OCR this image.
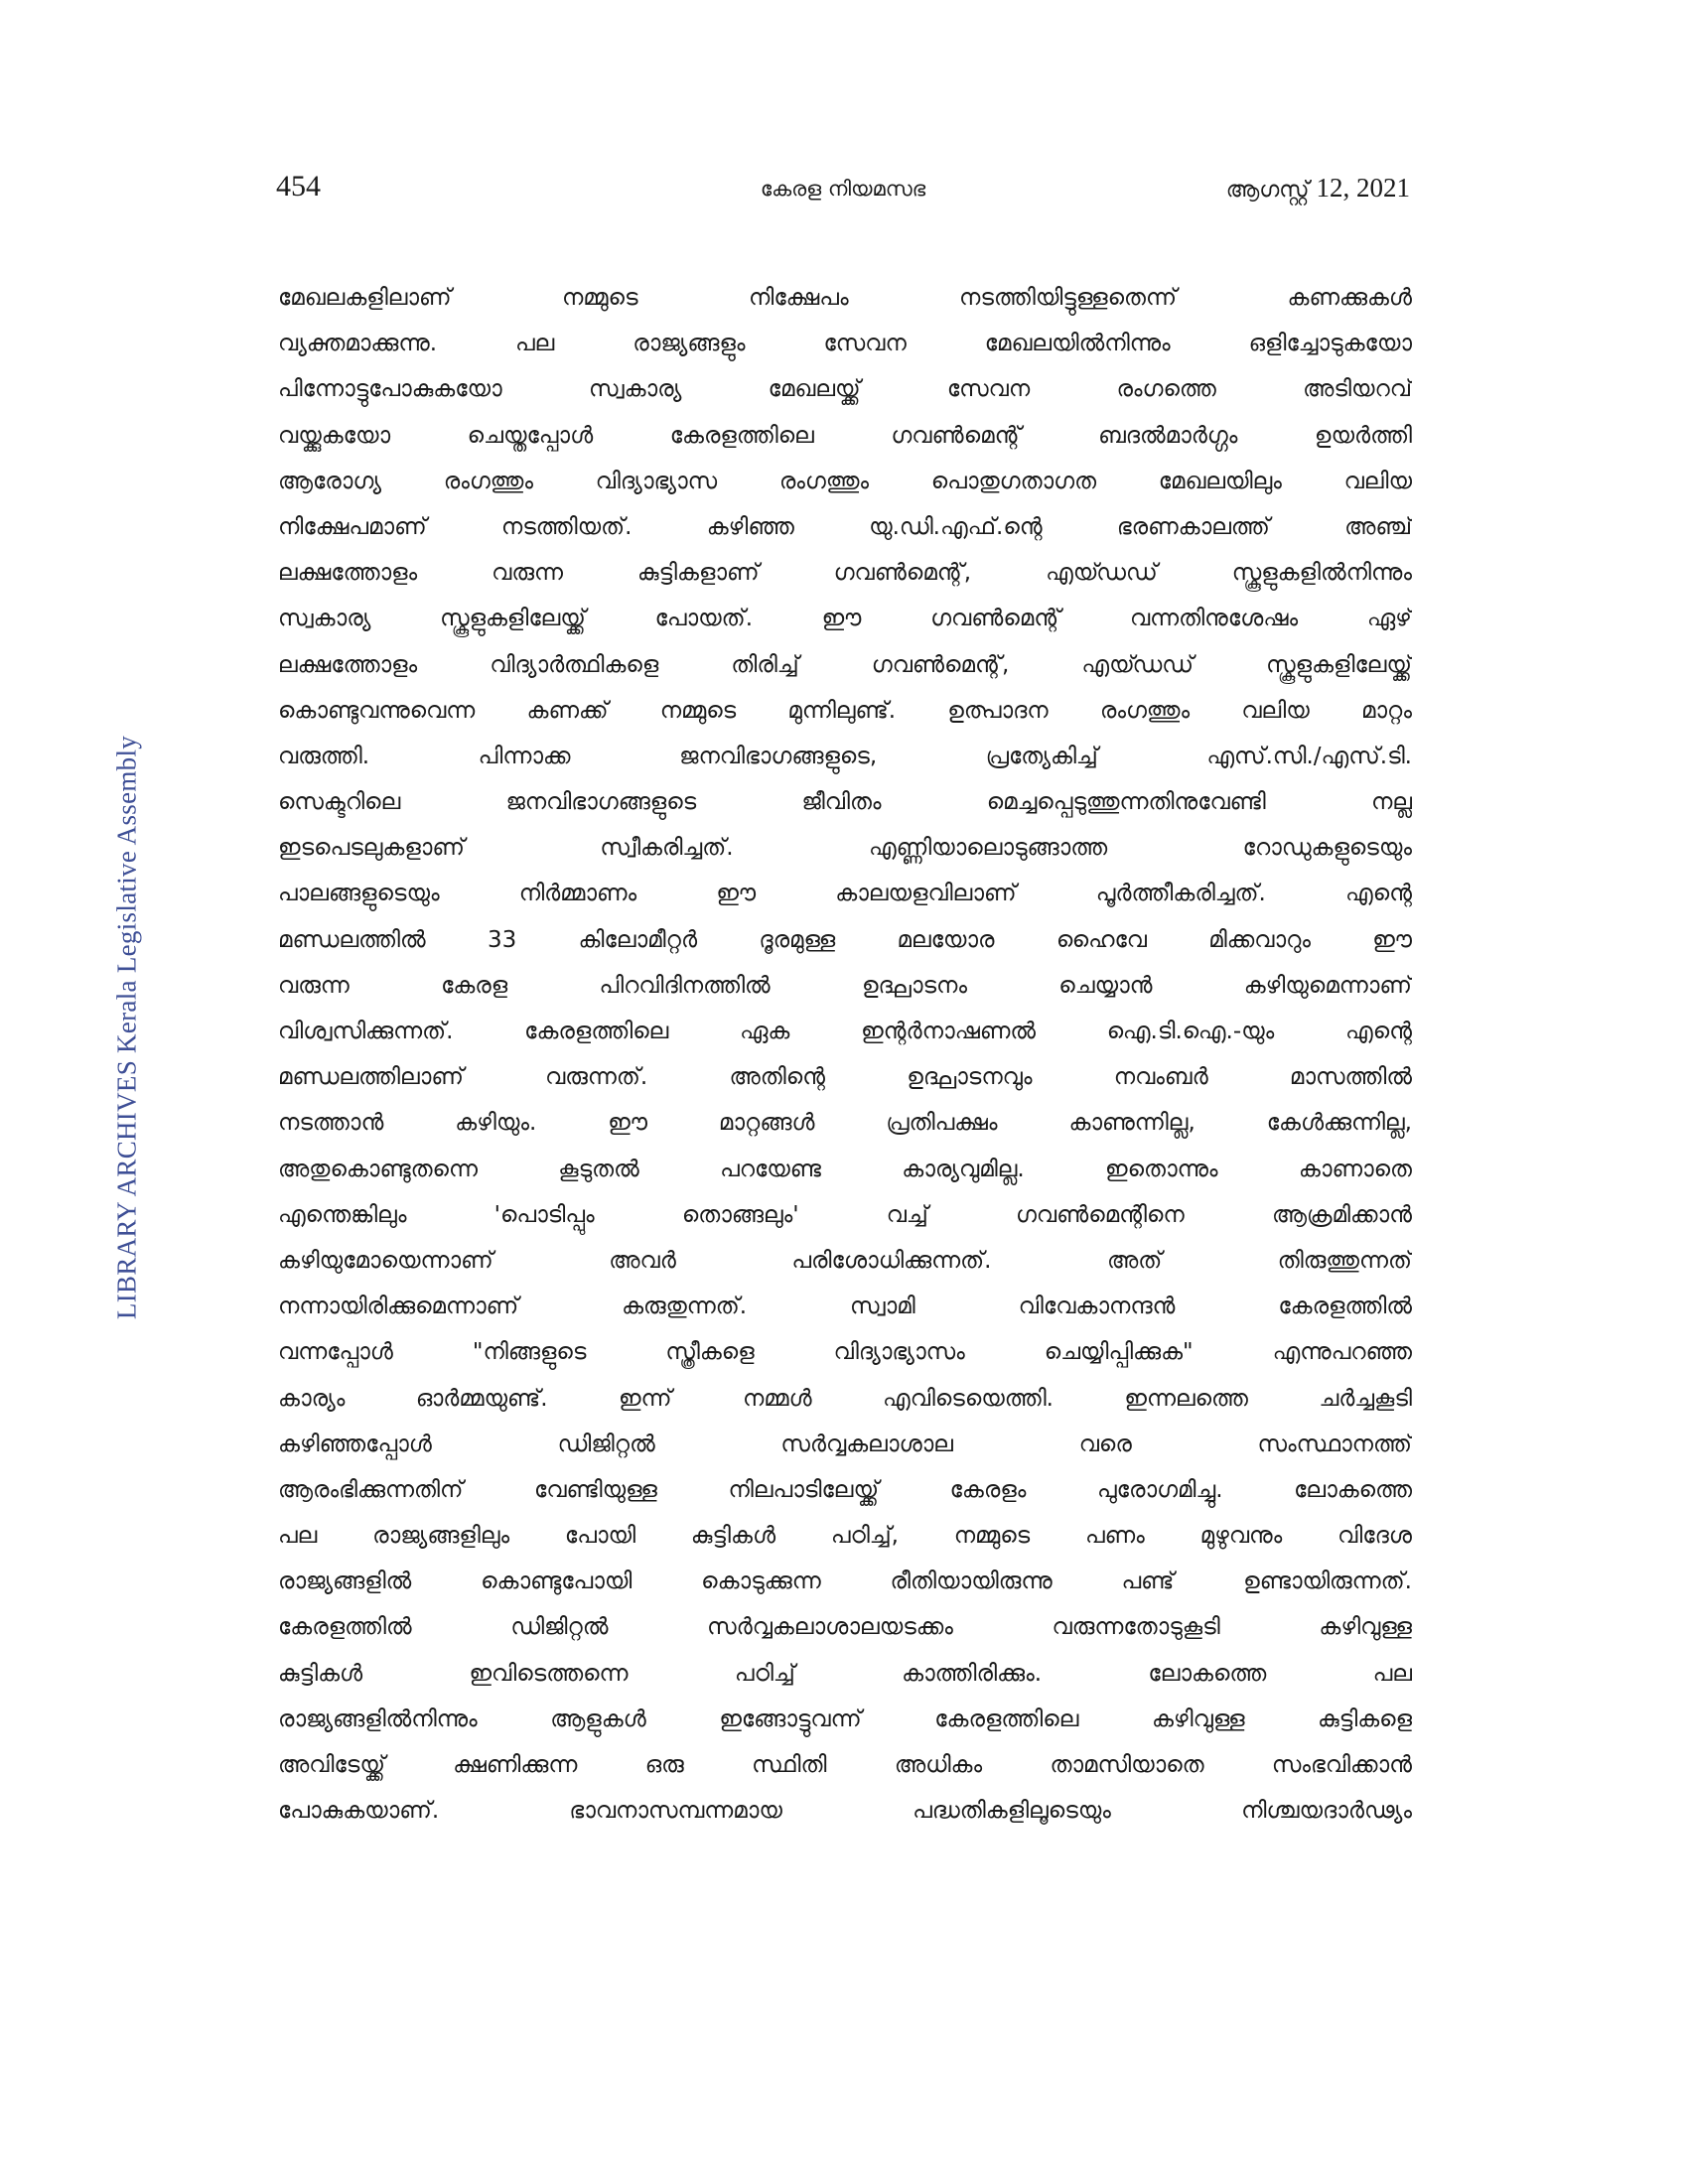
454	കേരള നിയമസഭ	ആഗസ്റ്റ് 12, 2021
LIBRARY ARCHIVES Kerala Legislative Assembly
മേഖലകളിലാണ് നമ്മുടെ നിക്ഷേപം നടത്തിയിട്ടുള്ളതെന്ന് കണക്കുകൾ
വ്യക്തമാക്കുന്നു. പല രാജ്യങ്ങളും സേവന മേഖലയിൽനിന്നും ഒളിച്ചോടുകയോ
പിന്നോട്ടുപോകുകയോ സ്വകാര്യ മേഖലയ്ക്ക് സേവന രംഗത്തെ അടിയറവ്
വയ്ക്കുകയോ ചെയ്തപ്പോൾ കേരളത്തിലെ ഗവൺമെന്റ് ബദൽമാർഗ്ഗം ഉയർത്തി
ആരോഗ്യ രംഗത്തും വിദ്യാഭ്യാസ രംഗത്തും പൊതുഗതാഗത മേഖലയിലും വലിയ
നിക്ഷേപമാണ് നടത്തിയത്. കഴിഞ്ഞ യു.ഡി.എഫ്.ന്റെ ഭരണകാലത്ത് അഞ്ച്
ലക്ഷത്തോളം വരുന്ന കുട്ടികളാണ് ഗവൺമെന്റ്, എയ്ഡഡ് സ്കൂളുകളിൽനിന്നും
സ്വകാര്യ സ്കൂളുകളിലേയ്ക്ക് പോയത്. ഈ ഗവൺമെന്റ് വന്നതിനുശേഷം ഏഴ്
ലക്ഷത്തോളം വിദ്യാർത്ഥികളെ തിരിച്ച് ഗവൺമെന്റ്, എയ്ഡഡ് സ്കൂളുകളിലേയ്ക്ക്
കൊണ്ടുവന്നുവെന്ന കണക്ക് നമ്മുടെ മുന്നിലുണ്ട്. ഉത്പാദന രംഗത്തും വലിയ മാറ്റം
വരുത്തി. പിന്നാക്ക ജനവിഭാഗങ്ങളുടെ, പ്രത്യേകിച്ച് എസ്.സി./എസ്.ടി.
സെക്ടറിലെ ജനവിഭാഗങ്ങളുടെ ജീവിതം മെച്ചപ്പെടുത്തുന്നതിനുവേണ്ടി നല്ല
ഇടപെടലുകളാണ് സ്വീകരിച്ചത്. എണ്ണിയാലൊടുങ്ങാത്ത റോഡുകളുടെയും
പാലങ്ങളുടെയും നിർമ്മാണം ഈ കാലയളവിലാണ് പൂർത്തീകരിച്ചത്. എന്റെ
മണ്ഡലത്തിൽ 33 കിലോമീറ്റർ ദൂരമുള്ള മലയോര ഹൈവേ മിക്കവാറും ഈ
വരുന്ന കേരള പിറവിദിനത്തിൽ ഉദ്ഘാടനം ചെയ്യാൻ കഴിയുമെന്നാണ്
വിശ്വസിക്കുന്നത്. കേരളത്തിലെ ഏക ഇന്റർനാഷണൽ ഐ.ടി.ഐ.-യും എന്റെ
മണ്ഡലത്തിലാണ് വരുന്നത്. അതിന്റെ ഉദ്ഘാടനവും നവംബർ മാസത്തിൽ
നടത്താൻ കഴിയും. ഈ മാറ്റങ്ങൾ പ്രതിപക്ഷം കാണുന്നില്ല, കേൾക്കുന്നില്ല,
അതുകൊണ്ടുതന്നെ കൂടുതൽ പറയേണ്ട കാര്യവുമില്ല. ഇതൊന്നും കാണാതെ
എന്തെങ്കിലും 'പൊടിപ്പും തൊങ്ങലും' വച്ച് ഗവൺമെന്റിനെ ആക്രമിക്കാൻ
കഴിയുമോയെന്നാണ് അവർ പരിശോധിക്കുന്നത്. അത് തിരുത്തുന്നത്
നന്നായിരിക്കുമെന്നാണ് കരുതുന്നത്. സ്വാമി വിവേകാനന്ദൻ കേരളത്തിൽ
വന്നപ്പോൾ "നിങ്ങളുടെ സ്ത്രീകളെ വിദ്യാഭ്യാസം ചെയ്യിപ്പിക്കുക" എന്നുപറഞ്ഞ
കാര്യം ഓർമ്മയുണ്ട്. ഇന്ന് നമ്മൾ എവിടെയെത്തി. ഇന്നലത്തെ ചർച്ചകൂടി
കഴിഞ്ഞപ്പോൾ ഡിജിറ്റൽ സർവ്വകലാശാല വരെ സംസ്ഥാനത്ത്
ആരംഭിക്കുന്നതിന് വേണ്ടിയുള്ള നിലപാടിലേയ്ക്ക് കേരളം പുരോഗമിച്ചു. ലോകത്തെ
പല രാജ്യങ്ങളിലും പോയി കുട്ടികൾ പഠിച്ച്, നമ്മുടെ പണം മുഴുവനും വിദേശ
രാജ്യങ്ങളിൽ കൊണ്ടുപോയി കൊടുക്കുന്ന രീതിയായിരുന്നു പണ്ട് ഉണ്ടായിരുന്നത്.
കേരളത്തിൽ ഡിജിറ്റൽ സർവ്വകലാശാലയടക്കം വരുന്നതോടുകൂടി കഴിവുള്ള
കുട്ടികൾ ഇവിടെത്തന്നെ പഠിച്ച് കാത്തിരിക്കും. ലോകത്തെ പല
രാജ്യങ്ങളിൽനിന്നും ആളുകൾ ഇങ്ങോട്ടുവന്ന് കേരളത്തിലെ കഴിവുള്ള കുട്ടികളെ
അവിടേയ്ക്ക് ക്ഷണിക്കുന്ന ഒരു സ്ഥിതി അധികം താമസിയാതെ സംഭവിക്കാൻ
പോകുകയാണ്. ഭാവനാസമ്പന്നമായ പദ്ധതികളിലൂടെയും നിശ്ചയദാർഢ്യം
